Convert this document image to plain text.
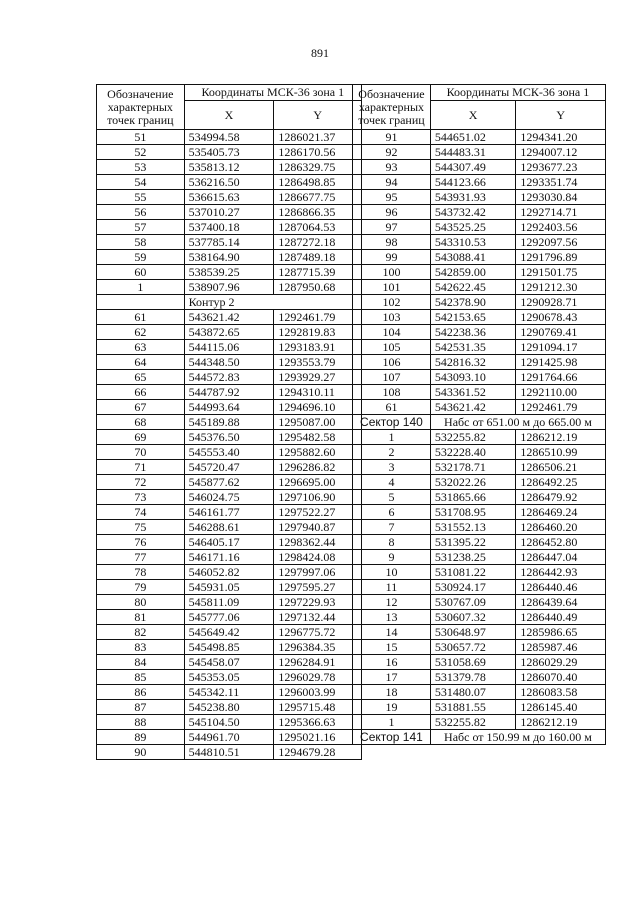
891
Обозначение характерных точек границ	Координаты МСК-36 зона 1	
	X	Y
51	534994.58	1286021.37
52	535405.73	1286170.56
53	535813.12	1286329.75
54	536216.50	1286498.85
55	536615.63	1286677.75
56	537010.27	1286866.35
57	537400.18	1287064.53
58	537785.14	1287272.18
59	538164.90	1287489.18
60	538539.25	1287715.39
1	538907.96	1287950.68
	Контур 2	
61	543621.42	1292461.79
62	543872.65	1292819.83
63	544115.06	1293183.91
64	544348.50	1293553.79
65	544572.83	1293929.27
66	544787.92	1294310.11
67	544993.64	1294696.10
68	545189.88	1295087.00
69	545376.50	1295482.58
70	545553.40	1295882.60
71	545720.47	1296286.82
72	545877.62	1296695.00
73	546024.75	1297106.90
74	546161.77	1297522.27
75	546288.61	1297940.87
76	546405.17	1298362.44
77	546171.16	1298424.08
78	546052.82	1297997.06
79	545931.05	1297595.27
80	545811.09	1297229.93
81	545777.06	1297132.44
82	545649.42	1296775.72
83	545498.85	1296384.35
84	545458.07	1296284.91
85	545353.05	1296029.78
86	545342.11	1296003.99
87	545238.80	1295715.48
88	545104.50	1295366.63
89	544961.70	1295021.16
90	544810.51	1294679.28
Обозначение характерных точек границ	Координаты МСК-36 зона 1	
	X	Y
91	544651.02	1294341.20
92	544483.31	1294007.12
93	544307.49	1293677.23
94	544123.66	1293351.74
95	543931.93	1293030.84
96	543732.42	1292714.71
97	543525.25	1292403.56
98	543310.53	1292097.56
99	543088.41	1291796.89
100	542859.00	1291501.75
101	542622.45	1291212.30
102	542378.90	1290928.71
103	542153.65	1290678.43
104	542238.36	1290769.41
105	542531.35	1291094.17
106	542816.32	1291425.98
107	543093.10	1291764.66
108	543361.52	1292110.00
61	543621.42	1292461.79
Сектор 140	Набс от 651.00 м до 665.00 м	
1	532255.82	1286212.19
2	532228.40	1286510.99
3	532178.71	1286506.21
4	532022.26	1286492.25
5	531865.66	1286479.92
6	531708.95	1286469.24
7	531552.13	1286460.20
8	531395.22	1286452.80
9	531238.25	1286447.04
10	531081.22	1286442.93
11	530924.17	1286440.46
12	530767.09	1286439.64
13	530607.32	1286440.49
14	530648.97	1285986.65
15	530657.72	1285987.46
16	531058.69	1286029.29
17	531379.78	1286070.40
18	531480.07	1286083.58
19	531881.55	1286145.40
1	532255.82	1286212.19
Сектор 141	Набс от 150.99 м до 160.00 м	
